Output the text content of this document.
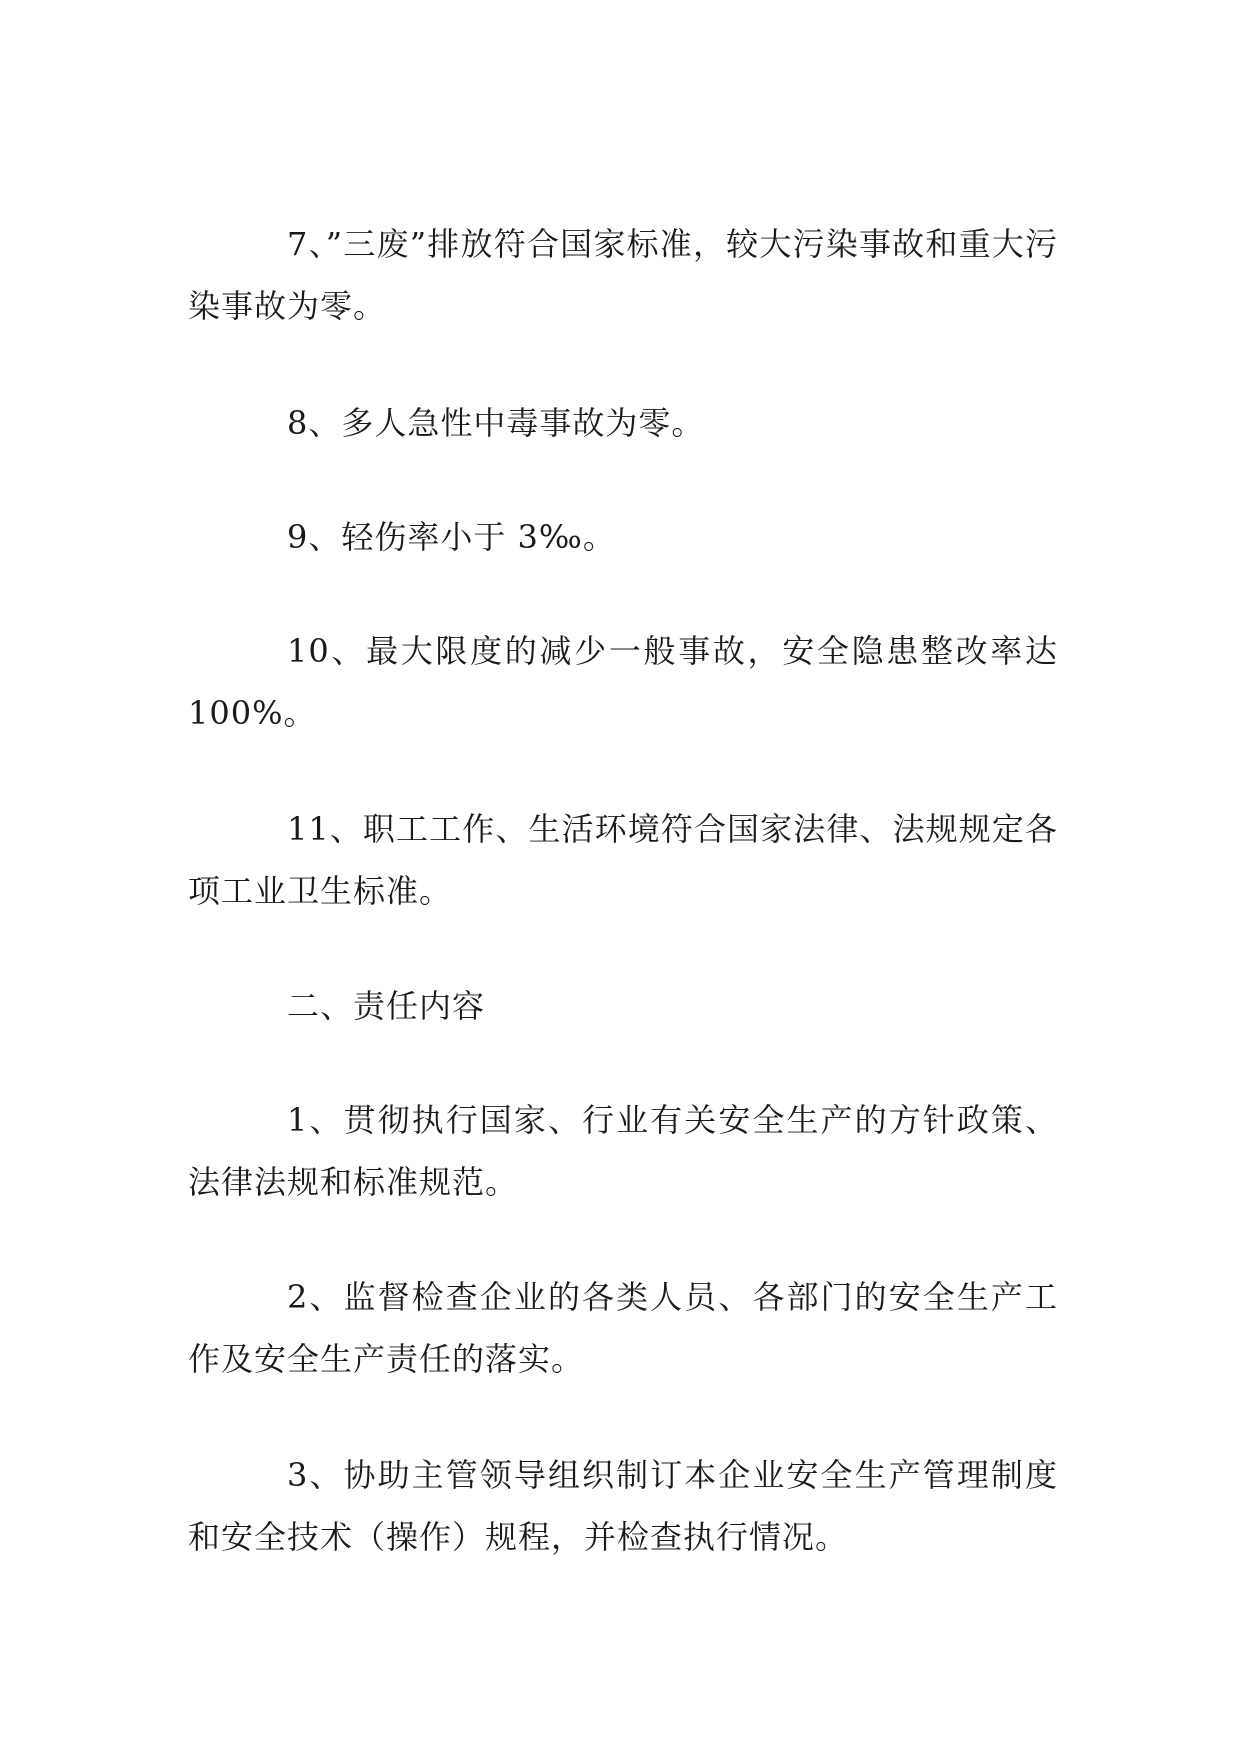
7、”三废”排放符合国家标准，较大污染事故和重大污染事故为零。

8、多人急性中毒事故为零。

9、轻伤率小于 3‰。

10、最大限度的减少一般事故，安全隐患整改率达100%。

11、职工工作、生活环境符合国家法律、法规规定各项工业卫生标准。

二、责任内容

1、贯彻执行国家、行业有关安全生产的方针政策、法律法规和标准规范。

2、监督检查企业的各类人员、各部门的安全生产工作及安全生产责任的落实。

3、协助主管领导组织制订本企业安全生产管理制度和安全技术（操作）规程，并检查执行情况。
